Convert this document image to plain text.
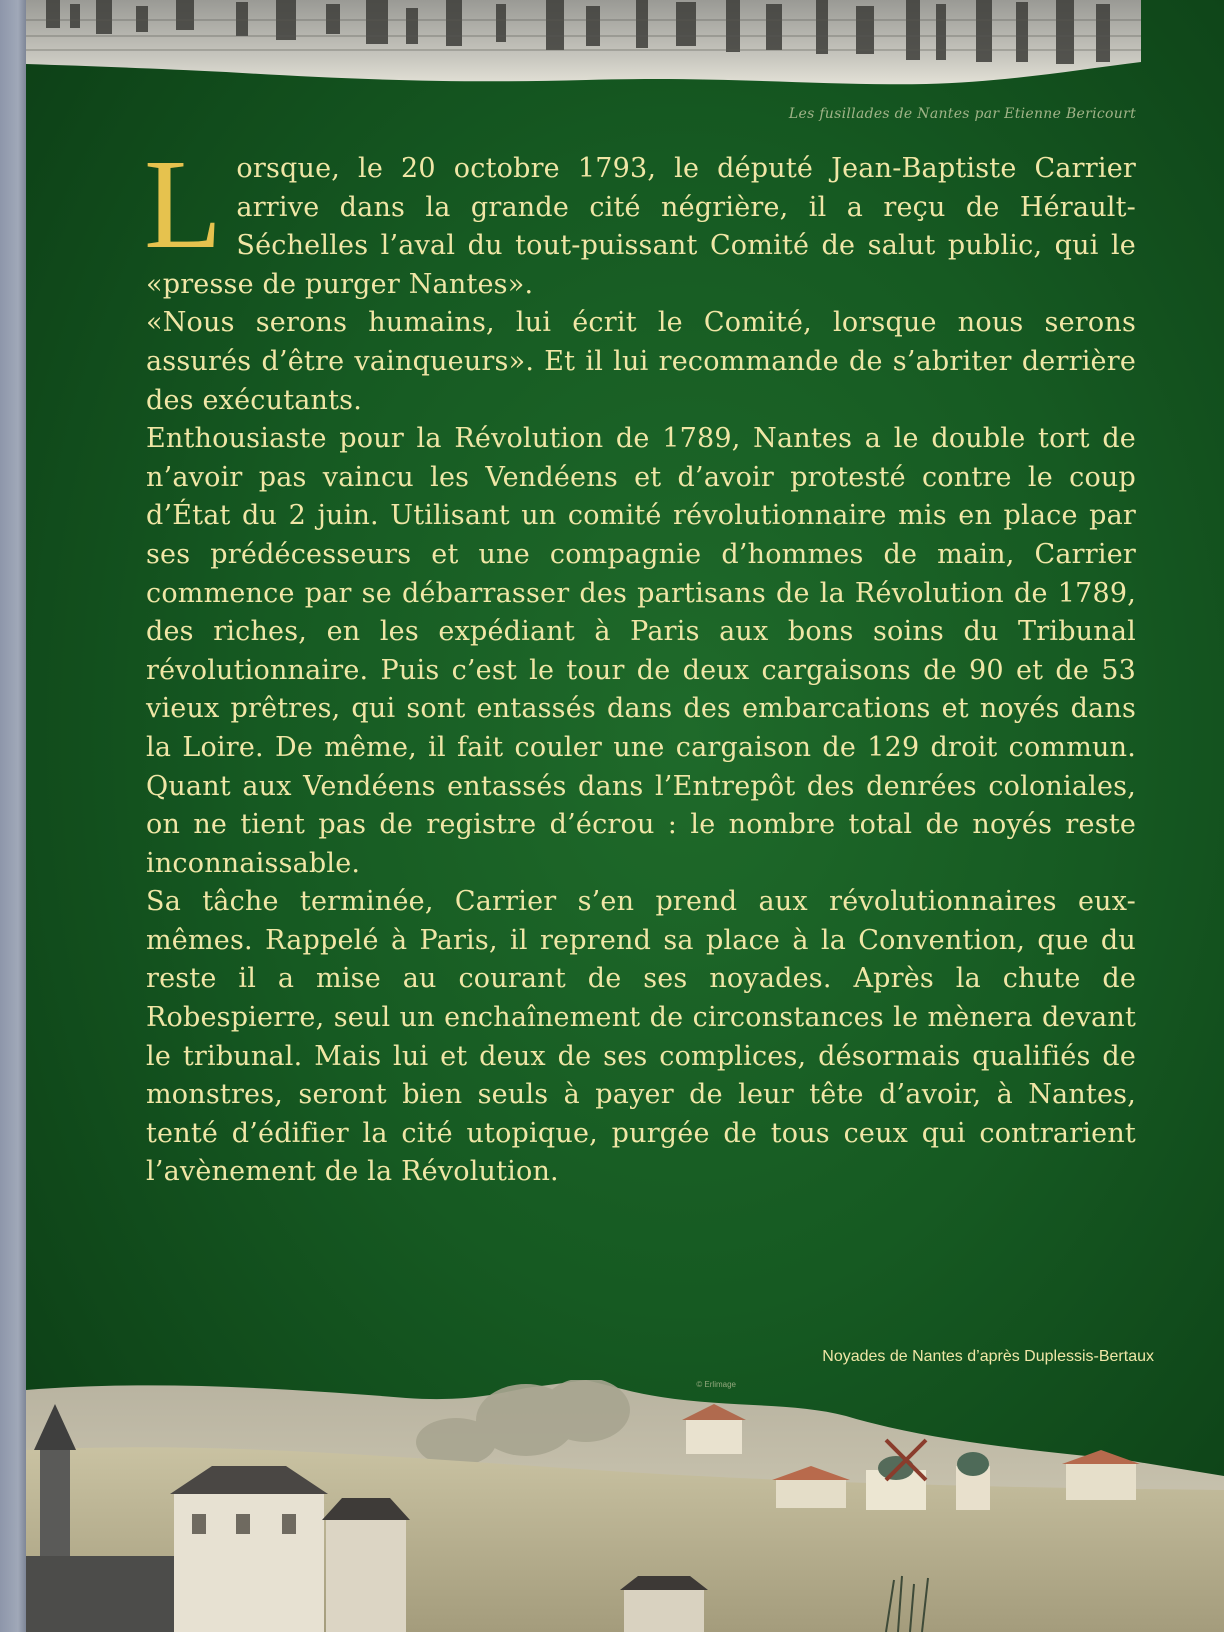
Les fusillades de Nantes par Etienne Bericourt

Lorsque, le 20 octobre 1793, le député Jean-Baptiste Carrier arrive dans la grande cité négrière, il a reçu de Hérault-Séchelles l’aval du tout-puissant Comité de salut public, qui le «presse de purger Nantes».

«Nous serons humains, lui écrit le Comité, lorsque nous serons assurés d’être vainqueurs». Et il lui recommande de s’abriter derrière des exécutants.

Enthousiaste pour la Révolution de 1789, Nantes a le double tort de n’avoir pas vaincu les Vendéens et d’avoir protesté contre le coup d’État du 2 juin. Utilisant un comité révolutionnaire mis en place par ses prédécesseurs et une compagnie d’hommes de main, Carrier commence par se débarrasser des partisans de la Révolution de 1789, des riches, en les expédiant à Paris aux bons soins du Tribunal révolutionnaire. Puis c’est le tour de deux cargaisons de 90 et de 53 vieux prêtres, qui sont entassés dans des embarcations et noyés dans la Loire. De même, il fait couler une cargaison de 129 droit commun. Quant aux Vendéens entassés dans l’Entrepôt des denrées coloniales, on ne tient pas de registre d’écrou : le nombre total de noyés reste inconnaissable.

Sa tâche terminée, Carrier s’en prend aux révolutionnaires eux-mêmes. Rappelé à Paris, il reprend sa place à la Convention, que du reste il a mise au courant de ses noyades. Après la chute de Robespierre, seul un enchaînement de circonstances le mènera devant le tribunal. Mais lui et deux de ses complices, désormais qualifiés de monstres, seront bien seuls à payer de leur tête d’avoir, à Nantes, tenté d’édifier la cité utopique, purgée de tous ceux qui contrarient l’avènement de la Révolution.

Noyades de Nantes d’après Duplessis-Bertaux
© Erlimage
